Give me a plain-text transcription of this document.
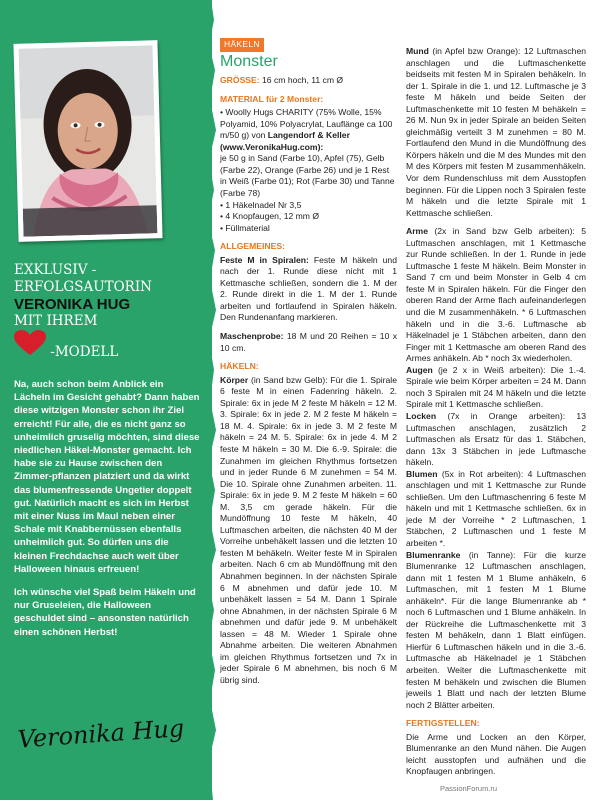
EXKLUSIV -
ERFOLGSAUTORIN
VERONIKA HUG
MIT IHREM
-MODELL

Na, auch schon beim Anblick ein Lächeln im Gesicht gehabt? Dann haben diese witzigen Monster schon ihr Ziel erreicht! Für alle, die es nicht ganz so unheimlich gruselig möchten, sind diese niedlichen Häkel-Monster gemacht. Ich habe sie zu Hause zwischen den Zimmer-pflanzen platziert und da wirkt das blumenfressende Ungetier doppelt gut. Natürlich macht es sich im Herbst mit einer Nuss im Maul neben einer Schale mit Knabbernüssen ebenfalls unheimlich gut. So dürfen uns die kleinen Frechdachse auch weit über Halloween hinaus erfreuen!

Ich wünsche viel Spaß beim Häkeln und nur Gruseleien, die Halloween geschuldet sind – ansonsten natürlich einen schönen Herbst!

Veronika Hug
HÄKELN
Monster

GRÖSSE: 16 cm hoch, 11 cm Ø

MATERIAL für 2 Monster:

• Woolly Hugs CHARITY (75% Wolle, 15% Polyamid, 10% Polyacrylat, Lauflänge ca 100 m/50 g) von Langendorf & Keller

(www.VeronikaHug.com):

je 50 g in Sand (Farbe 10), Apfel (75), Gelb (Farbe 22), Orange (Farbe 26) und je 1 Rest in Weiß (Farbe 01); Rot (Farbe 30) und Tanne (Farbe 78)

• 1 Häkelnadel Nr 3,5

• 4 Knopfaugen, 12 mm Ø

• Füllmaterial

ALLGEMEINES:

Feste M in Spiralen: Feste M häkeln und nach der 1. Runde diese nicht mit 1 Kettmasche schließen, sondern die 1. M der 2. Runde direkt in die 1. M der 1. Runde arbeiten und fortlaufend in Spiralen häkeln. Den Rundenanfang markieren.

Maschenprobe: 18 M und 20 Reihen = 10 x 10 cm.

HÄKELN:

Körper (in Sand bzw Gelb): Für die 1. Spirale 6 feste M in einen Fadenring häkeln. 2. Spirale: 6x in jede M 2 feste M häkeln = 12 M. 3. Spirale: 6x in jede 2. M 2 feste M häkeln = 18 M. 4. Spirale: 6x in jede 3. M 2 feste M häkeln = 24 M. 5. Spirale: 6x in jede 4. M 2 feste M häkeln = 30 M. Die 6.-9. Spirale: die Zunahmen im gleichen Rhythmus fortsetzen und in jeder Runde 6 M zunehmen = 54 M. Die 10. Spirale ohne Zunahmen arbeiten. 11. Spirale: 6x in jede 9. M 2 feste M häkeln = 60 M. 3,5 cm gerade häkeln. Für die Mundöffnung 10 feste M häkeln, 40 Luftmaschen arbeiten, die nächsten 40 M der Vorreihe unbehäkelt lassen und die letzten 10 festen M behäkeln. Weiter feste M in Spiralen arbeiten. Nach 6 cm ab Mundöffnung mit den Abnahmen beginnen. In der nächsten Spirale 6 M abnehmen und dafür jede 10. M unbehäkelt lassen = 54 M. Dann 1 Spirale ohne Abnahmen, in der nächsten Spirale 6 M abnehmen und dafür jede 9. M unbehäkelt lassen = 48 M. Wieder 1 Spirale ohne Abnahme arbeiten. Die weiteren Abnahmen im gleichen Rhythmus fortsetzen und 7x in jeder Spirale 6 M abnehmen, bis noch 6 M übrig sind.

Mund (in Apfel bzw Orange): 12 Luftmaschen anschlagen und die Luftmaschenkette beidseits mit festen M in Spiralen behäkeln. In der 1. Spirale in die 1. und 12. Luftmasche je 3 feste M häkeln und beide Seiten der Luftmaschenkette mit 10 festen M behäkeln = 26 M. Nun 9x in jeder Spirale an beiden Seiten gleichmäßig verteilt 3 M zunehmen = 80 M. Fortlaufend den Mund in die Mundöffnung des Körpers häkeln und die M des Mundes mit den M des Körpers mit festen M zusammenhäkeln. Vor dem Rundenschluss mit dem Ausstopfen beginnen. Für die Lippen noch 3 Spiralen feste M häkeln und die letzte Spirale mit 1 Kettmasche schließen.

Arme (2x in Sand bzw Gelb arbeiten): 5 Luftmaschen anschlagen, mit 1 Kettmasche zur Runde schließen. In der 1. Runde in jede Luftmasche 1 feste M häkeln. Beim Monster in Sand 7 cm und beim Monster in Gelb 4 cm feste M in Spiralen häkeln. Für die Finger den oberen Rand der Arme flach aufeinanderlegen und die M zusammenhäkeln. * 6 Luftmaschen häkeln und in die 3.-6. Luftmasche ab Häkelnadel je 1 Stäbchen arbeiten, dann den Finger mit 1 Kettmasche am oberen Rand des Armes anhäkeln. Ab * noch 3x wiederholen.

Augen (je 2 x in Weiß arbeiten): Die 1.-4. Spirale wie beim Körper arbeiten = 24 M. Dann noch 3 Spiralen mit 24 M häkeln und die letzte Spirale mit 1 Kettmasche schließen.

Locken (7x in Orange arbeiten): 13 Luftmaschen anschlagen, zusätzlich 2 Luftmaschen als Ersatz für das 1. Stäbchen, dann 13x 3 Stäbchen in jede Luftmasche häkeln.

Blumen (5x in Rot arbeiten): 4 Luftmaschen anschlagen und mit 1 Kettmasche zur Runde schließen. Um den Luftmaschenring 6 feste M häkeln und mit 1 Kettmasche schließen. 6x in jede M der Vorreihe * 2 Luftmaschen, 1 Stäbchen, 2 Luftmaschen und 1 feste M arbeiten *.

Blumenranke (in Tanne): Für die kurze Blumenranke 12 Luftmaschen anschlagen, dann mit 1 festen M 1 Blume anhäkeln, 6 Luftmaschen, mit 1 festen M 1 Blume anhäkeln*. Für die lange Blumenranke ab * noch 6 Luftmaschen und 1 Blume anhäkeln. In der Rückreihe die Luftmaschenkette mit 3 festen M behäkeln, dann 1 Blatt einfügen. Hierfür 6 Luftmaschen häkeln und in die 3.-6. Luftmasche ab Häkelnadel je 1 Stäbchen arbeiten. Weiter die Luftmaschenkette mit festen M behäkeln und zwischen die Blumen jeweils 1 Blatt und nach der letzten Blume noch 2 Blätter arbeiten.

FERTIGSTELLEN:

Die Arme und Locken an den Körper, Blumenranke an den Mund nähen. Die Augen leicht ausstopfen und aufnähen und die Knopfaugen anbringen.

PassionForum.ru
